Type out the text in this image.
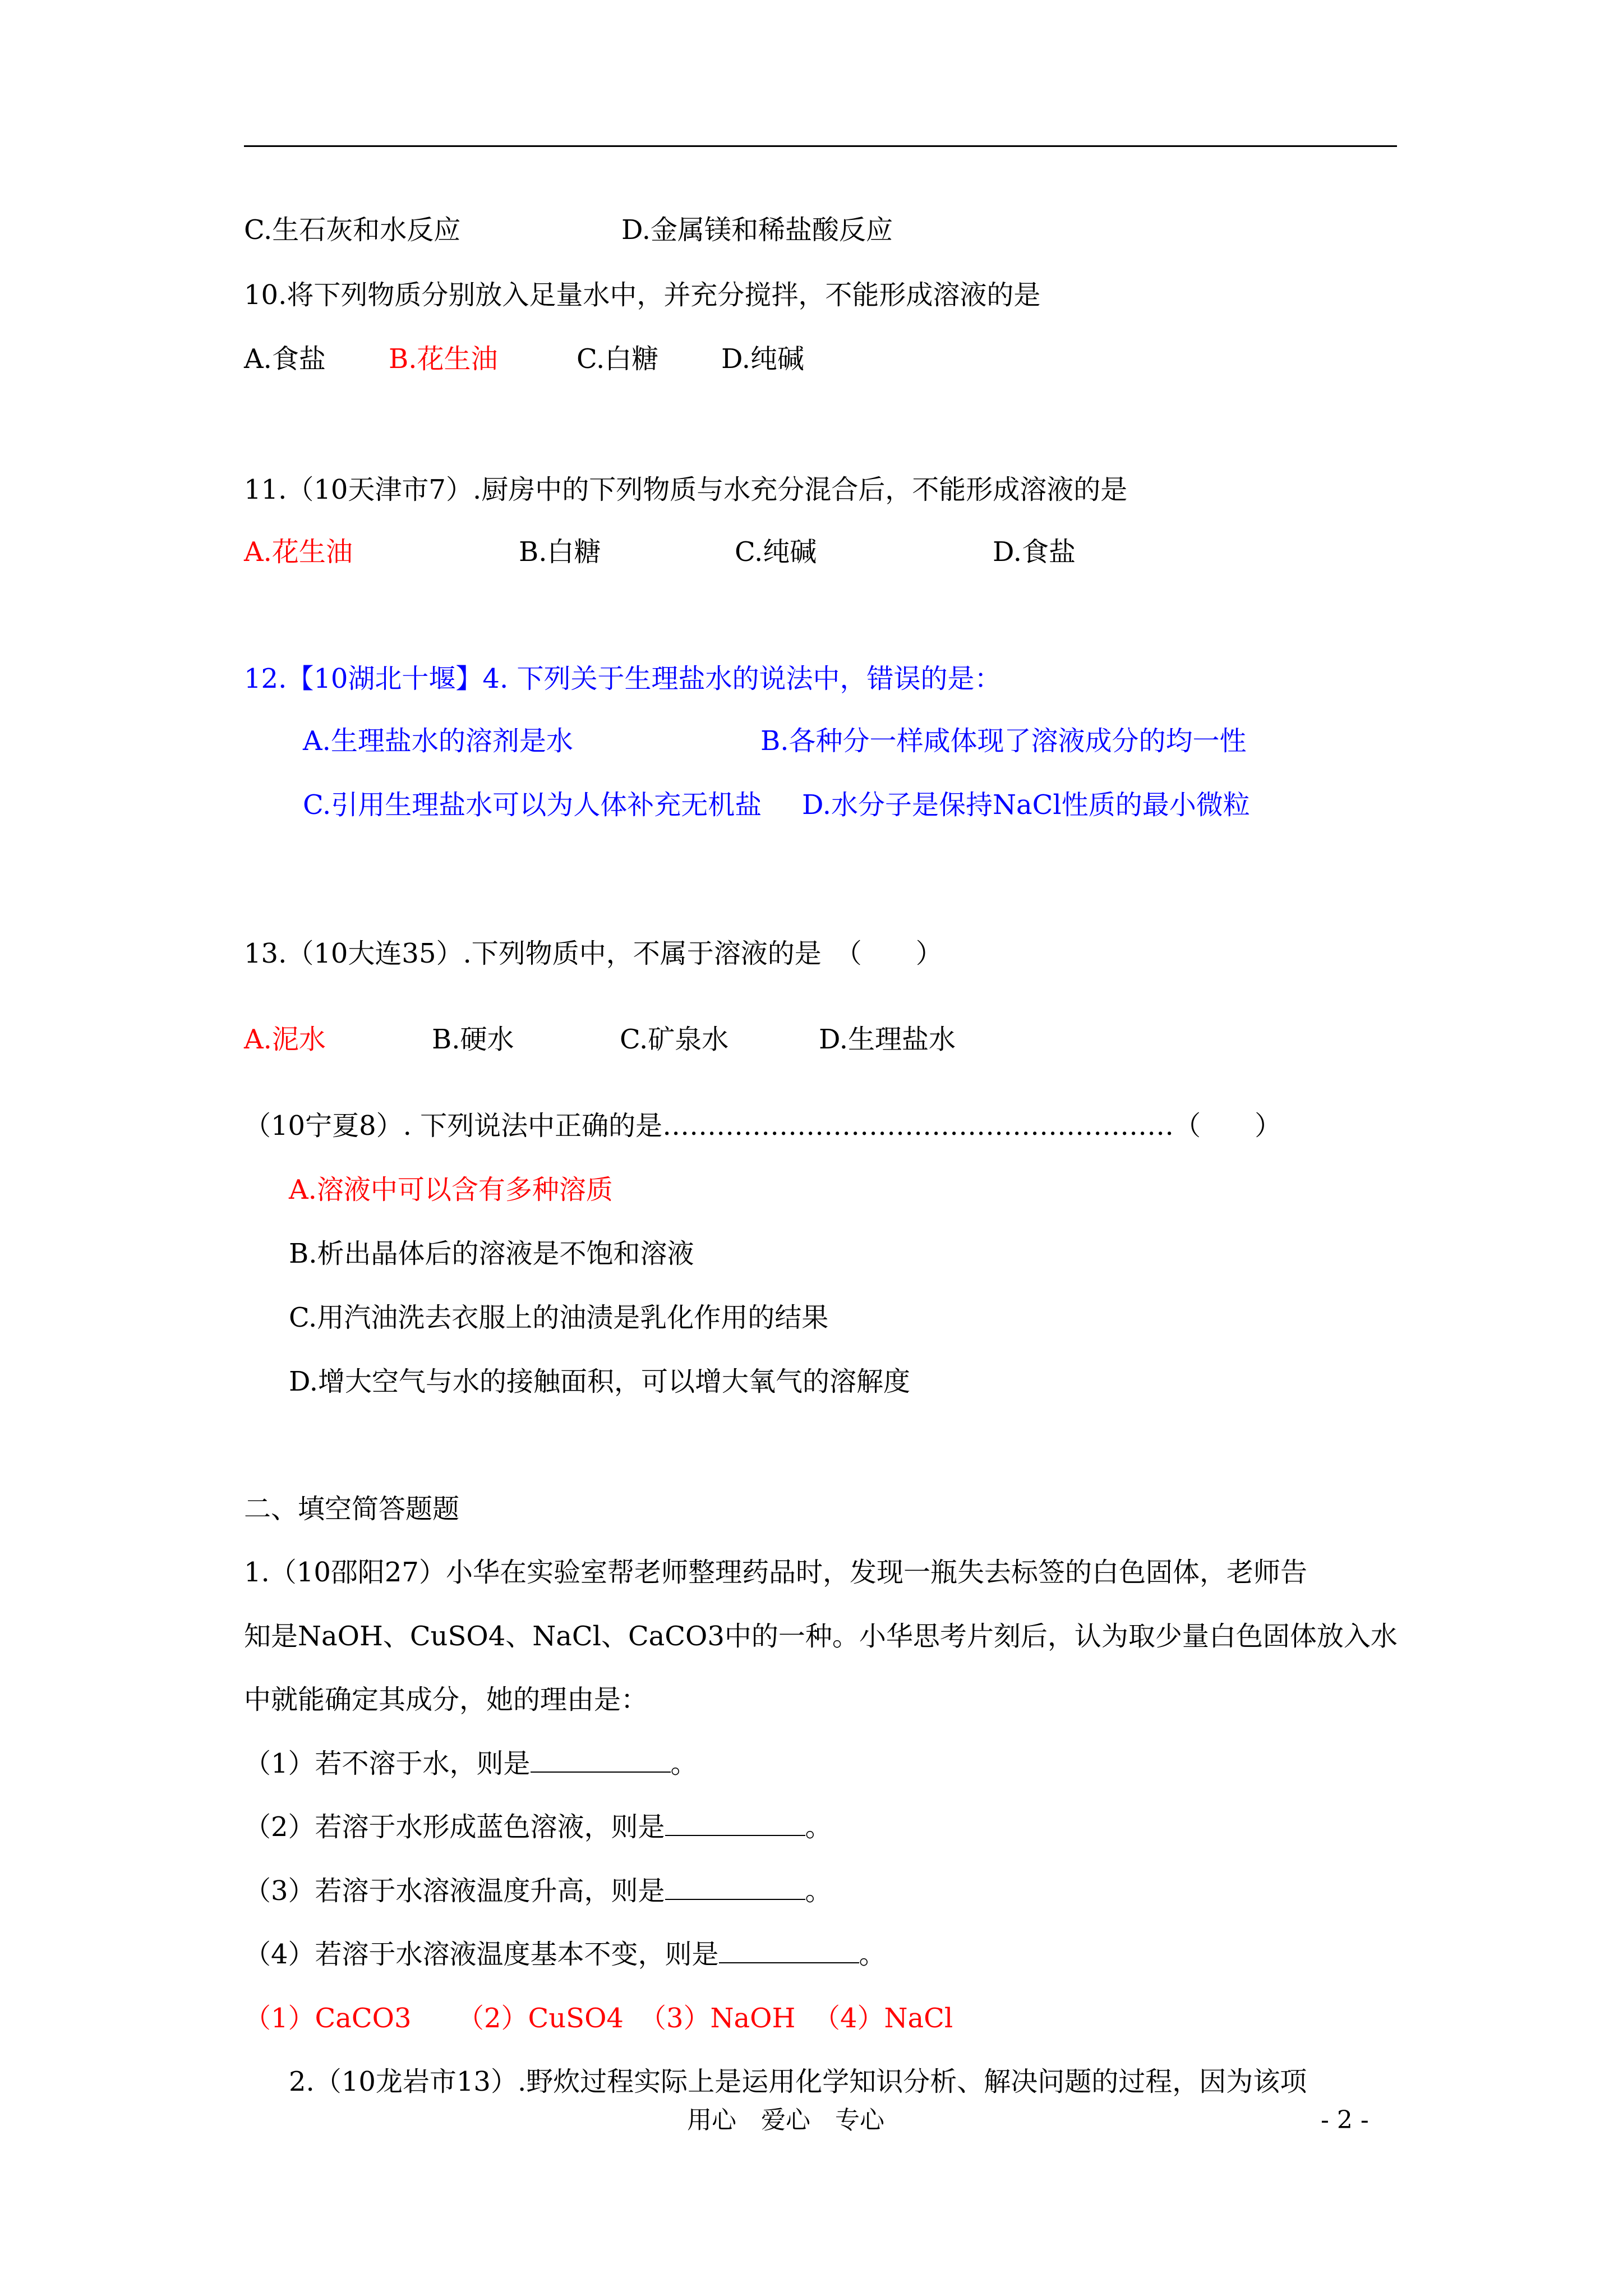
C.生石灰和水反应	D.金属镁和稀盐酸反应
10.将下列物质分别放入足量水中，并充分搅拌，不能形成溶液的是
A.食盐 B.花生油	C.白糖 D.纯碱
11.（10天津市7）.厨房中的下列物质与水充分混合后，不能形成溶液的是
A.花生油	B.白糖	C.纯碱	D.食盐
12.【10湖北十堰】4. 下列关于生理盐水的说法中，错误的是：
A.生理盐水的溶剂是水	B.各种分一样咸体现了溶液成分的均一性
C.引用生理盐水可以为人体补充无机盐 D.水分子是保持NaCl性质的最小微粒
13.（10大连35）.下列物质中，不属于溶液的是　（　　）
A.泥水	B.硬水	C.矿泉水	D.生理盐水
（10宁夏8）. 下列说法中正确的是…………………………………………………（　　）
A.溶液中可以含有多种溶质
B.析出晶体后的溶液是不饱和溶液
C.用汽油洗去衣服上的油渍是乳化作用的结果
D.增大空气与水的接触面积，可以增大氧气的溶解度
二、填空简答题题
1.（10邵阳27）小华在实验室帮老师整理药品时，发现一瓶失去标签的白色固体，老师告
知是NaOH、CuSO4、NaCl、CaCO3中的一种。小华思考片刻后，认为取少量白色固体放入水
中就能确定其成分，她的理由是：
（1）若不溶于水，则是	。
（2）若溶于水形成蓝色溶液，则是	。
（3）若溶于水溶液温度升高，则是	。
（4）若溶于水溶液温度基本不变，则是	。
（1）CaCO3 （2）CuSO4 （3）NaOH （4）NaCl
2.（10龙岩市13）.野炊过程实际上是运用化学知识分析、解决问题的过程，因为该项
用心　爱心　专心	- 2 -
